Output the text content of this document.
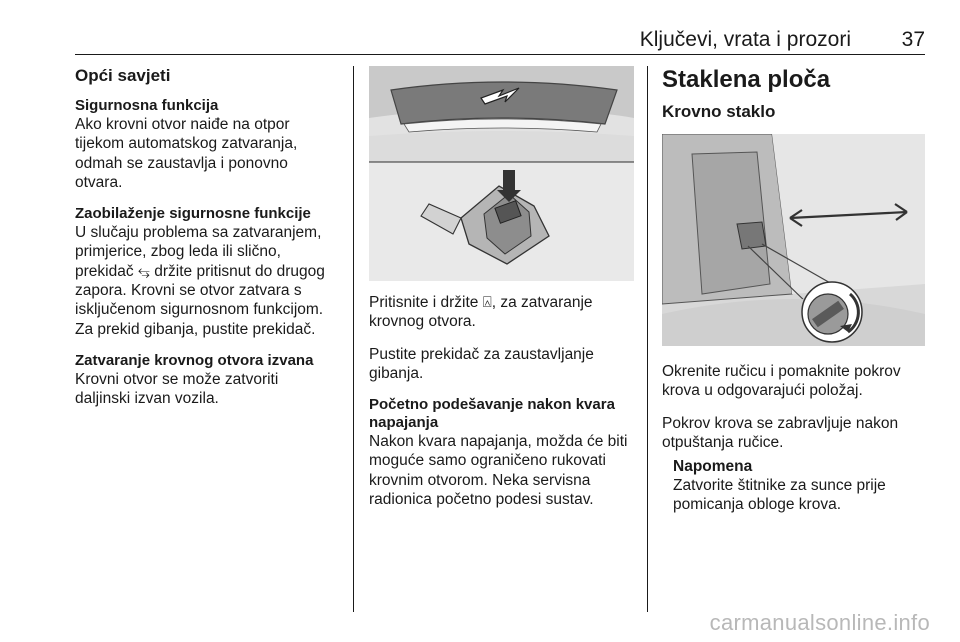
Ključevi, vrata i prozori 37
Opći savjeti
Sigurnosna funkcija
Ako krovni otvor naiđe na otpor tijekom automatskog zatvaranja, odmah se zaustavlja i ponovno otvara.
Zaobilaženje sigurnosne funkcije
U slučaju problema sa zatvaranjem, primjerice, zbog leda ili slično, prekidač ⥃ držite pritisnut do drugog zapora. Krovni se otvor zatvara s isključenom sigurnosnom funkcijom. Za prekid gibanja, pustite prekidač.
Zatvaranje krovnog otvora izvana
Krovni otvor se može zatvoriti daljinski izvan vozila.
Pritisnite i držite ⍓, za zatvaranje krovnog otvora.
Pustite prekidač za zaustavljanje gibanja.
Početno podešavanje nakon kvara napajanja
Nakon kvara napajanja, možda će biti moguće samo ograničeno rukovati krovnim otvorom. Neka servisna radionica početno podesi sustav.
Staklena ploča
Krovno staklo
Okrenite ručicu i pomaknite pokrov krova u odgovarajući položaj.
Pokrov krova se zabravljuje nakon otpuštanja ručice.
Napomena
Zatvorite štitnike za sunce prije pomicanja obloge krova.
carmanualsonline.info
